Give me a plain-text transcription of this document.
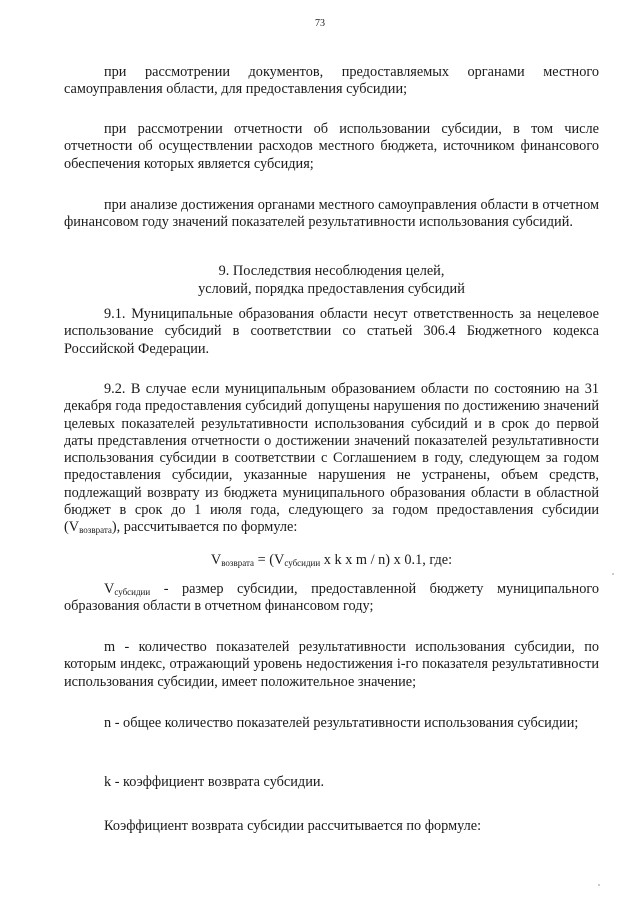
73

при рассмотрении документов, предоставляемых органами местного самоуправления области, для предоставления субсидии;

при рассмотрении отчетности об использовании субсидии, в том числе отчетности об осуществлении расходов местного бюджета, источником финансового обеспечения которых является субсидия;

при анализе достижения органами местного самоуправления области в отчетном финансовом году значений показателей результативности использования субсидий.

9. Последствия несоблюдения целей,
условий, порядка предоставления субсидий

9.1. Муниципальные образования области несут ответственность за нецелевое использование субсидий в соответствии со статьей 306.4 Бюджетного кодекса Российской Федерации.

9.2. В случае если муниципальным образованием области по состоянию на 31 декабря года предоставления субсидий допущены нарушения по достижению значений целевых показателей результативности использования субсидий и в срок до первой даты представления отчетности о достижении значений показателей результативности использования субсидии в соответствии с Соглашением в году, следующем за годом предоставления субсидии, указанные нарушения не устранены, объем средств, подлежащий возврату из бюджета муниципального образования области в областной бюджет в срок до 1 июля года, следующего за годом предоставления субсидии $(V_{возврата})$, рассчитывается по формуле:

$V_{возврата} = (V_{субсидии}$ x k x m / n) x 0.1, где:

$V_{субсидии}$ - размер субсидии, предоставленной бюджету муниципального образования области в отчетном финансовом году;

m - количество показателей результативности использования субсидии, по которым индекс, отражающий уровень недостижения i-го показателя результативности использования субсидии, имеет положительное значение;

n - общее количество показателей результативности использования субсидии;

k - коэффициент возврата субсидии.

Коэффициент возврата субсидии рассчитывается по формуле:
